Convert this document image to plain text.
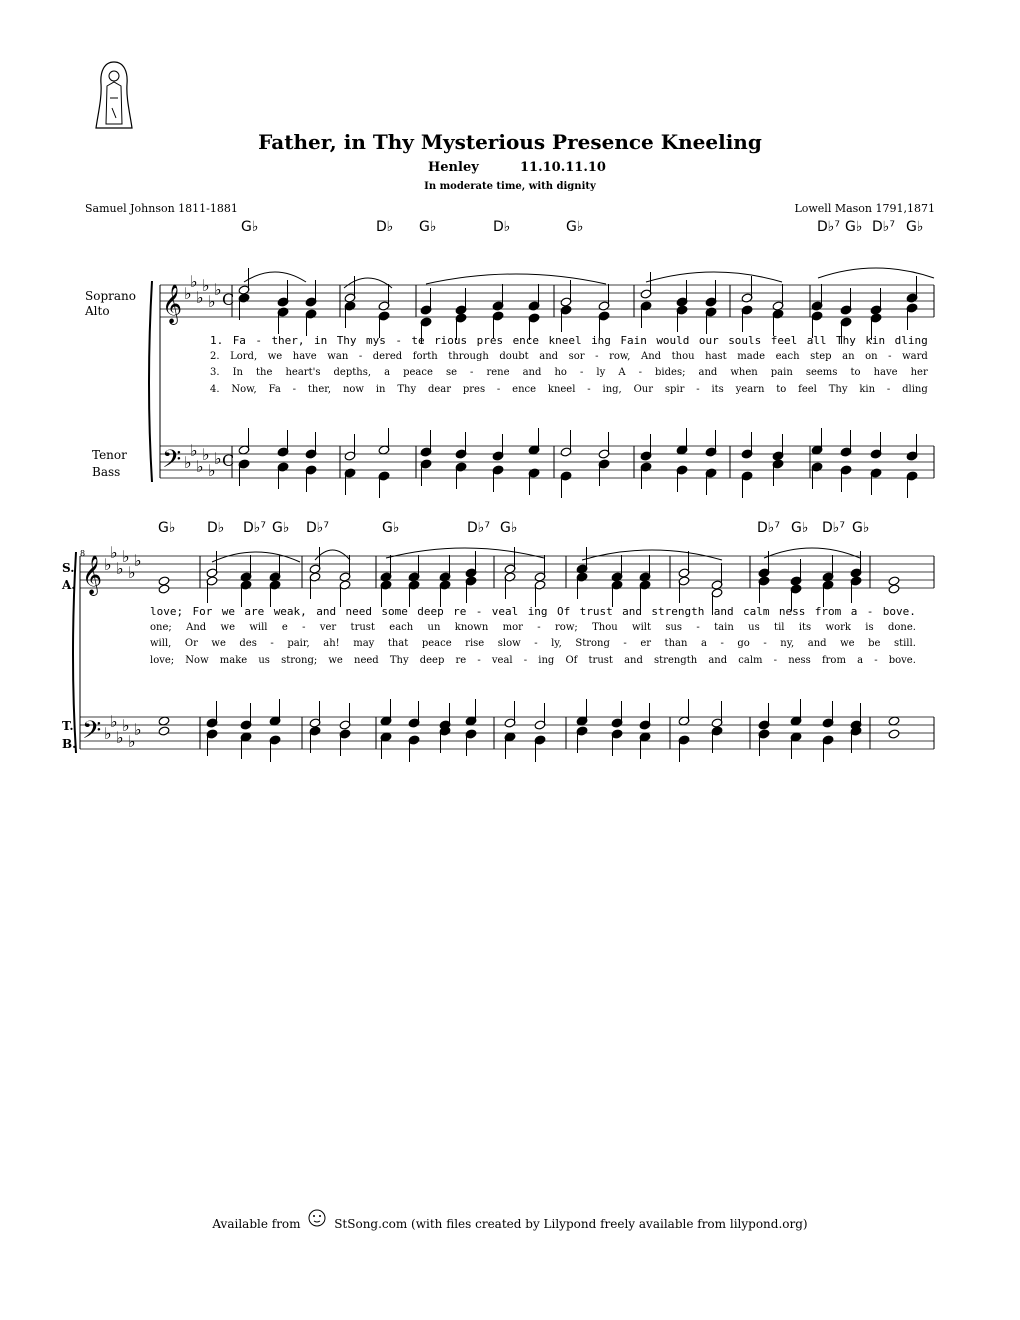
Father, in Thy Mysterious Presence Kneeling
Henley	11.10.11.10
In moderate time, with dignity
Samuel Johnson 1811-1881	Lowell Mason 1791,1871
G♭	D♭ G♭	D♭	G♭	D♭⁷ G♭ D♭⁷ G♭
Soprano
Alto
Tenor
Bass
𝄞
𝄢
♭
♭
♭
♭
♭
♭
♭
♭
♭
♭
♭
♭
C
C
𝄞
𝄢
♭
♭
♭
♭
♭
♭
♭
♭
♭
♭
♭
♭
1. Fa - ther, in Thy mys - te rious pres ence kneel ing Fain would our souls feel all Thy kin dling
2. Lord, we have wan - dered forth through doubt and sor - row, And thou hast made each step an on - ward
3. In the heart's depths, a peace se - rene and ho - ly A - bides; and when pain seems to have her
4. Now, Fa - ther, now in Thy dear pres - ence kneel - ing, Our spir - its yearn to feel Thy kin - dling
G♭ D♭ D♭⁷ G♭ D♭⁷	G♭	D♭⁷ G♭	D♭⁷ G♭ D♭⁷ G♭
8
S.
A.
T.
B.
love; For we are weak, and need some deep re - veal ing Of trust and strength and calm ness from a - bove.
one; And we will e - ver trust each un known mor - row; Thou wilt sus - tain us til its work is done.
will, Or we des - pair, ah! may that peace rise slow - ly, Strong - er than a - go - ny, and we be still.
love; Now make us strong; we need Thy deep re - veal - ing Of trust and strength and calm - ness from a - bove.
Available from	StSong.com (with files created by Lilypond freely available from lilypond.org)
